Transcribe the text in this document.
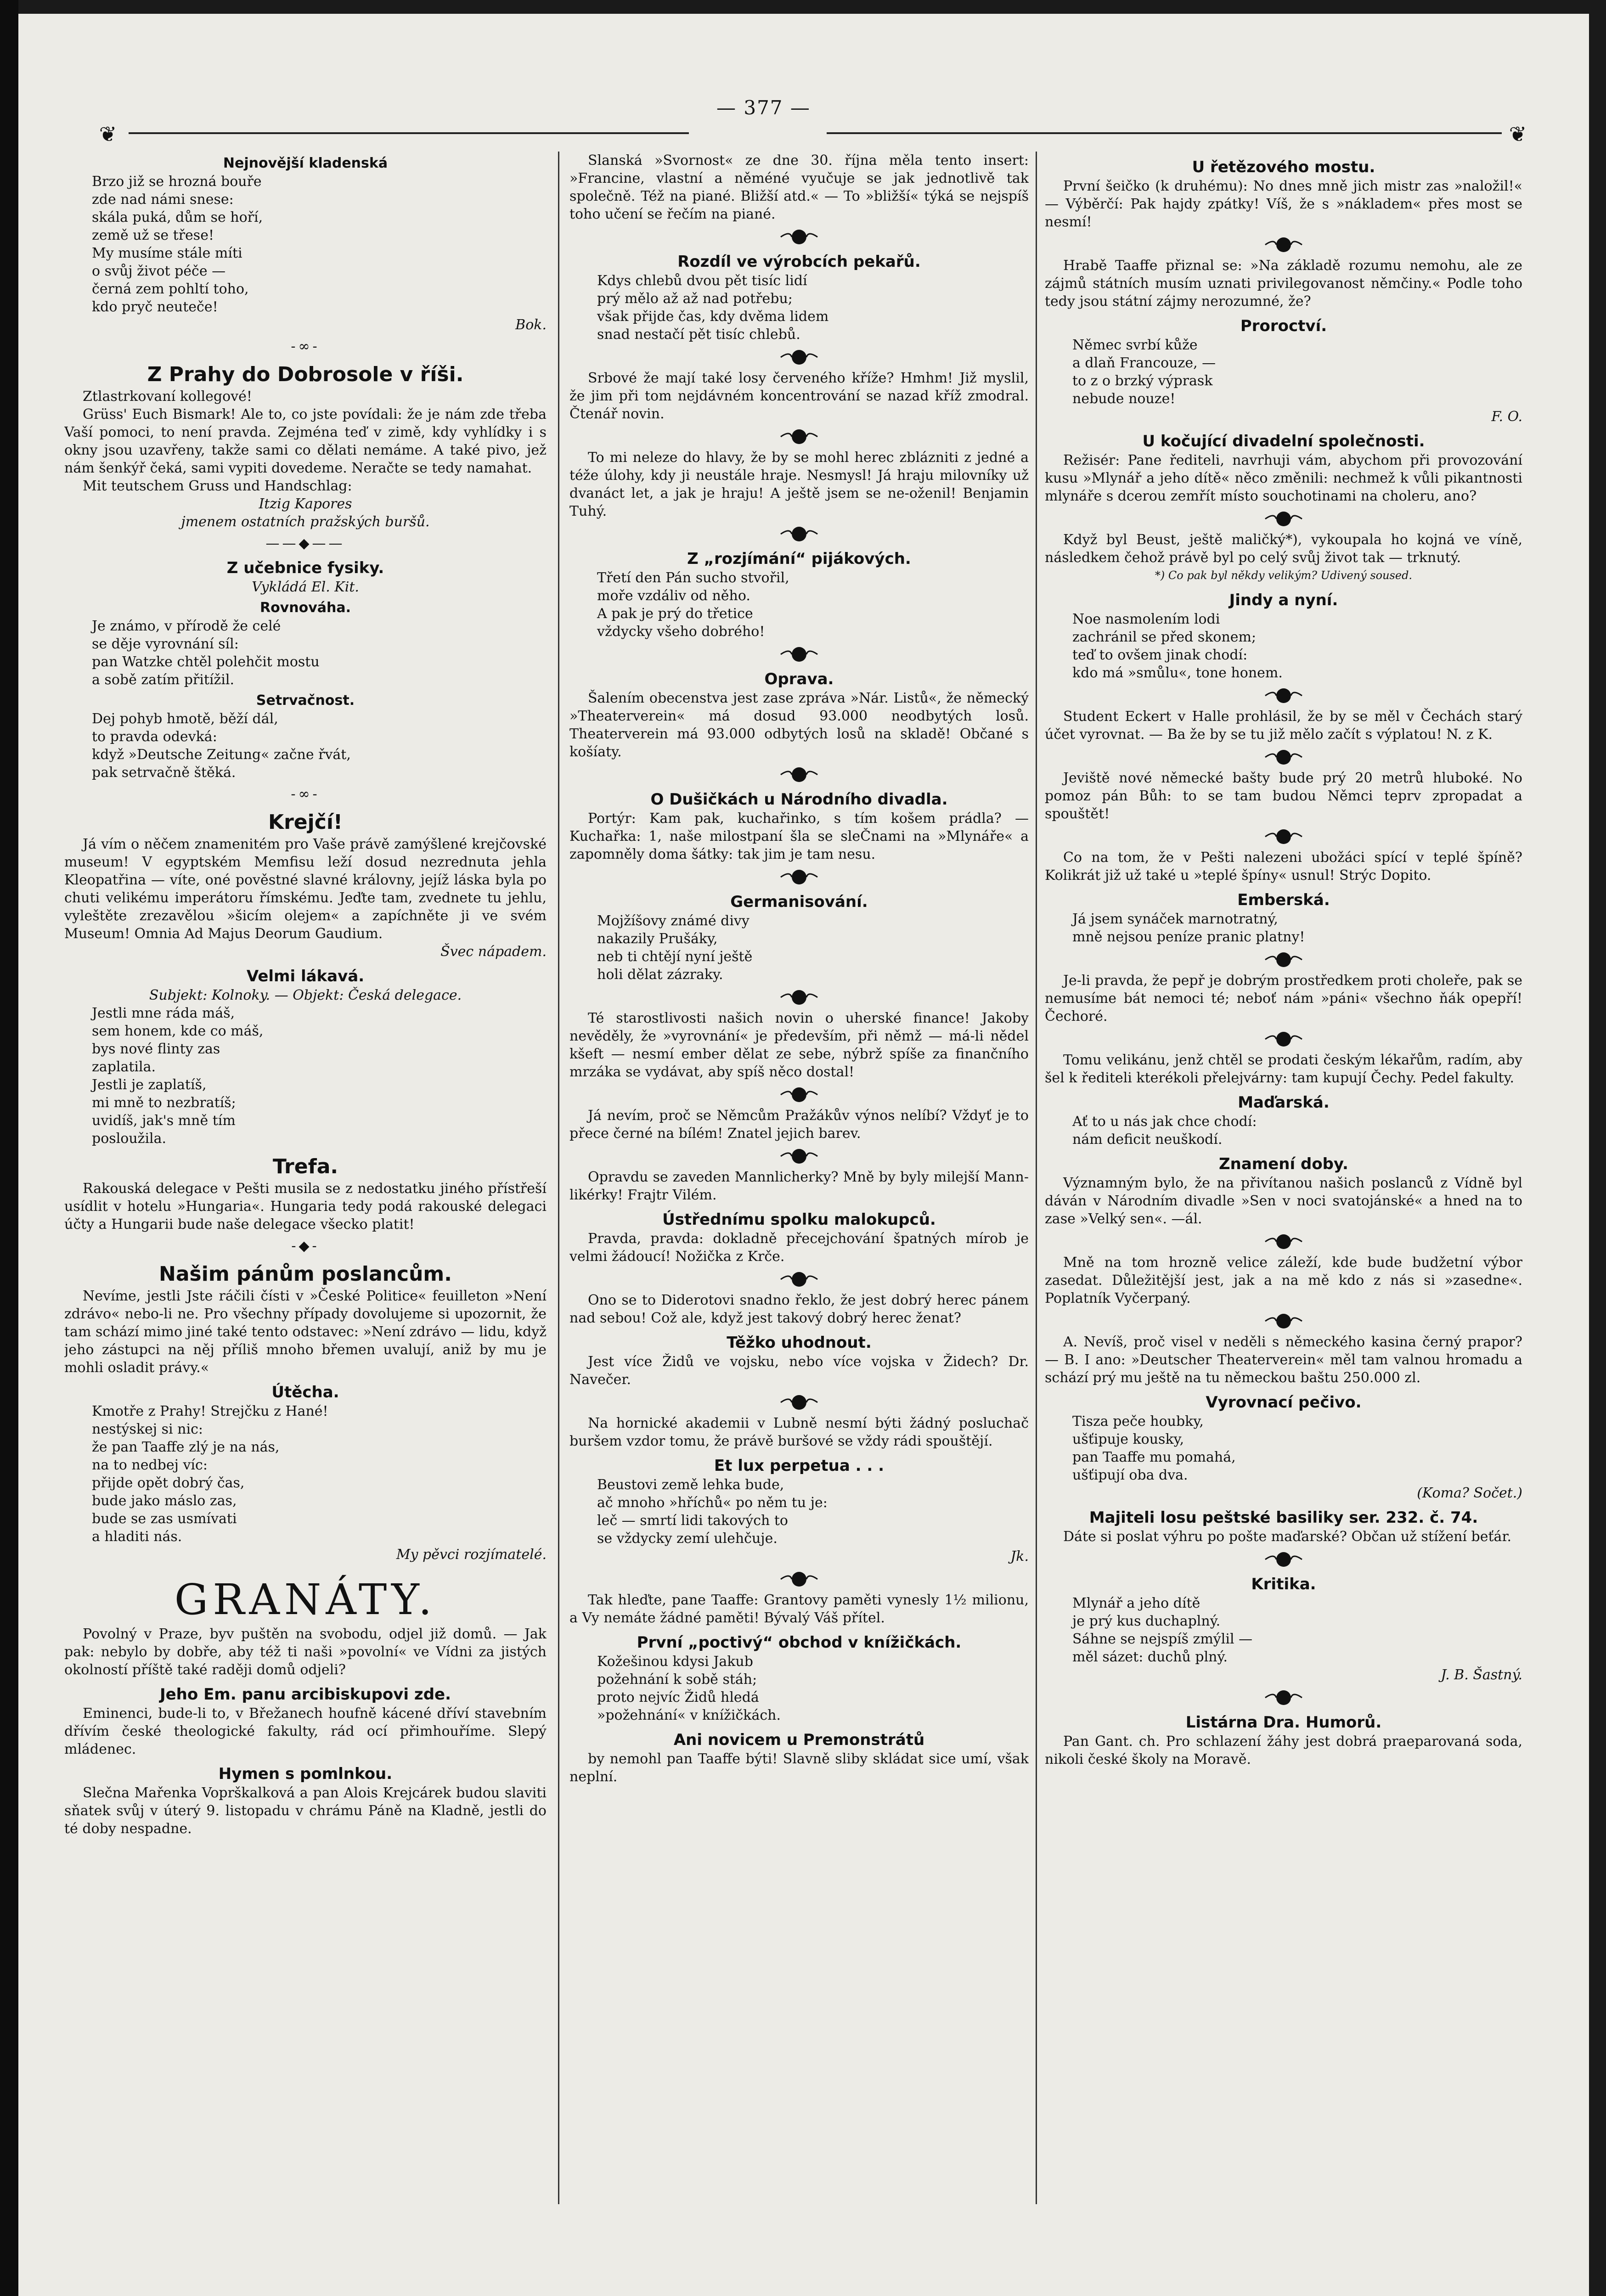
— 377 —
❦	❦
Nejnovější kladenská
Brzo již se hrozná bouře
zde nad námi snese:
skála puká, dům se hoří,
země už se třese!
My musíme stále míti
o svůj život péče —
černá zem pohltí toho,
kdo pryč neuteče!
Bok.
-∞-
Z Prahy do Dobrosole v říši.

Ztlastrkovaní kollegové!

Grüss' Euch Bismark! Ale to, co jste povídali: že je nám zde třeba Vaší pomoci, to není pravda. Zejména teď v zimě, kdy vyhlídky i s okny jsou uzavřeny, takže sami co dělati nemáme. A také pivo, jež nám šenkýř čeká, sami vypiti dovedeme. Neračte se tedy namahat.

Mit teutschem Gruss und Handschlag:

Itzig Kapores
jmenem ostatních pražských buršů.
——◆——
Z učebnice fysiky.
Vykládá El. Kit.
Rovnováha.
Je známo, v přírodě že celé
se děje vyrovnání síl:
pan Watzke chtěl polehčit mostu
a sobě zatím přitížil.
Setrvačnost.
Dej pohyb hmotě, běží dál,
to pravda odevká:
když »Deutsche Zeitung« začne řvát,
pak setrvačně štěká.
-∞-
Krejčí!

Já vím o něčem znamenitém pro Vaše právě zamýšlené krejčovské museum! V egyptském Memfisu leží dosud nezrednuta jehla Kleopatřina — víte, oné pověstné slavné královny, jejíž láska byla po chuti velikému imperátoru římskému. Jeďte tam, zvednete tu jehlu, vyleštěte zrezavělou »šicím olejem« a zapíchněte ji ve svém Museum! Omnia Ad Majus Deorum Gaudium.

Švec nápadem.
Velmi lákavá.
Subjekt: Kolnoky. — Objekt: Česká delegace.
Jestli mne ráda máš,
sem honem, kde co máš,
bys nové flinty zas
zaplatila.
Jestli je zaplatíš,
mi mně to nezbratíš;
uvidíš, jak's mně tím
posloužila.
Trefa.

Rakouská delegace v Pešti musila se z nedostatku jiného přístřeší usídlit v hotelu »Hungaria«. Hungaria tedy podá rakouské delegaci účty a Hungarii bude naše delegace všecko platit!

-◆-
Našim pánům poslancům.

Nevíme, jestli Jste ráčili čísti v »České Politice« feuilleton »Není zdrávo« nebo-li ne. Pro všechny případy dovolujeme si upozornit, že tam schází mimo jiné také tento odstavec: »Není zdrávo — lidu, když jeho zástupci na něj příliš mnoho břemen uvalují, aniž by mu je mohli osladit právy.«

Útěcha.
Kmotře z Prahy! Strejčku z Hané!
nestýskej si nic:
že pan Taaffe zlý je na nás,
na to nedbej víc:
přijde opět dobrý čas,
bude jako máslo zas,
bude se zas usmívati
a hladiti nás.
My pěvci rozjímatelé.
GRANÁTY.

Povolný v Praze, byv puštěn na svobodu, odjel již domů. — Jak pak: nebylo by dobře, aby též ti naši »povolní« ve Vídni za jistých okolností příště také raději domů odjeli?

Jeho Em. panu arcibiskupovi zde.

Eminenci, bude-li to, v Břežanech houfně kácené dříví stavebním dřívím české theologické fakulty, rád ocí přimhouříme. Slepý mládenec.

Hymen s pomlnkou.

Slečna Mařenka Voprškalková a pan Alois Krejcárek budou slaviti sňatek svůj v úterý 9. listopadu v chrámu Páně na Kladně, jestli do té doby nespadne.

Slanská »Svornost« ze dne 30. října měla tento insert: »Francine, vlastní a něméné vyučuje se jak jednotlivě tak společně. Též na piané. Bližší atd.« — To »bližší« týká se nejspíš toho učení se řečím na piané.

Rozdíl ve výrobcích pekařů.
Kdys chlebů dvou pět tisíc lidí
prý mělo až až nad potřebu;
však přijde čas, kdy dvěma lidem
snad nestačí pět tisíc chlebů.

Srbové že mají také losy červeného kříže? Hmhm! Již myslil, že jim při tom nejdávném koncentrování se nazad kříž zmodral. Čtenář novin.

To mi neleze do hlavy, že by se mohl herec zblázniti z jedné a téže úlohy, kdy ji neustále hraje. Nesmysl! Já hraju milovníky už dvanáct let, a jak je hraju! A ještě jsem se ne-oženil! Benjamin Tuhý.

Z „rozjímání“ pijákových.
Třetí den Pán sucho stvořil,
moře vzdáliv od něho.
A pak je prý do třetice
vždycky všeho dobrého!
Oprava.

Šalením obecenstva jest zase zpráva »Nár. Listů«, že německý »Theaterverein« má dosud 93.000 neodbytých losů. Theaterverein má 93.000 odbytých losů na skladě! Občané s košíaty.

O Dušičkách u Národního divadla.

Portýr: Kam pak, kuchařinko, s tím košem prádla? — Kuchařka: 1, naše milostpaní šla se sleČnami na »Mlynáře« a zapomněly doma šátky: tak jim je tam nesu.

Germanisování.
Mojžíšovy známé divy
nakazily Prušáky,
neb ti chtějí nyní ještě
holi dělat zázraky.

Té starostlivosti našich novin o uherské finance! Jakoby nevěděly, že »vyrovnání« je především, při němž — má-li nědel kšeft — nesmí ember dělat ze sebe, nýbrž spíše za finančního mrzáka se vydávat, aby spíš něco dostal!

Já nevím, proč se Němcům Pražákův výnos nelíbí? Vždyť je to přece černé na bílém! Znatel jejich barev.

Opravdu se zaveden Mannlicherky? Mně by byly milejší Mann-likérky! Frajtr Vilém.

Ústřednímu spolku malokupců.

Pravda, pravda: dokladně přecejchování špatných mírob je velmi žádoucí! Nožička z Krče.

Ono se to Diderotovi snadno řeklo, že jest dobrý herec pánem nad sebou! Což ale, když jest takový dobrý herec ženat?

Těžko uhodnout.

Jest více Židů ve vojsku, nebo více vojska v Židech? Dr. Navečer.

Na hornické akademii v Lubně nesmí býti žádný posluchač buršem vzdor tomu, že právě buršové se vždy rádi spouštějí.

Et lux perpetua . . .
Beustovi země lehka bude,
ač mnoho »hříchů« po něm tu je:
leč — smrtí lidi takových to
se vždycky zemí ulehčuje.
Jk.

Tak hleďte, pane Taaffe: Grantovy paměti vynesly 1½ milionu, a Vy nemáte žádné paměti! Bývalý Váš přítel.

První „poctivý“ obchod v knížičkách.
Kožešinou kdysi Jakub
požehnání k sobě stáh;
proto nejvíc Židů hledá
»požehnání« v knížičkách.
Ani novicem u Premonstrátů

by nemohl pan Taaffe býti! Slavně sliby skládat sice umí, však neplní.

U řetězového mostu.

První šeičko (k druhému): No dnes mně jich mistr zas »naložil!« — Výběrčí: Pak hajdy zpátky! Víš, že s »nákladem« přes most se nesmí!

Hrabě Taaffe přiznal se: »Na základě rozumu nemohu, ale ze zájmů státních musím uznati privilegovanost němčiny.« Podle toho tedy jsou státní zájmy nerozumné, že?

Proroctví.
Němec svrbí kůže
a dlaň Francouze, —
to z o brzký výprask
nebude nouze!
F. O.
U kočující divadelní společnosti.

Režisér: Pane řediteli, navrhuji vám, abychom při provozování kusu »Mlynář a jeho dítě« něco změnili: nechmež k vůli pikantnosti mlynáře s dcerou zemřít místo souchotinami na choleru, ano?

Když byl Beust, ještě maličký*), vykoupala ho kojná ve víně, následkem čehož právě byl po celý svůj život tak — trknutý.

*) Co pak byl někdy velikým? Udivený soused.
Jindy a nyní.
Noe nasmolením lodi
zachránil se před skonem;
teď to ovšem jinak chodí:
kdo má »smůlu«, tone honem.

Student Eckert v Halle prohlásil, že by se měl v Čechách starý účet vyrovnat. — Ba že by se tu již mělo začít s výplatou! N. z K.

Jeviště nové německé bašty bude prý 20 metrů hluboké. No pomoz pán Bůh: to se tam budou Němci teprv zpropadat a spouštět!

Co na tom, že v Pešti nalezeni ubožáci spící v teplé špíně? Kolikrát již už také u »teplé špíny« usnul! Strýc Dopito.

Emberská.
Já jsem synáček marnotratný,
mně nejsou peníze pranic platny!

Je-li pravda, že pepř je dobrým prostředkem proti choleře, pak se nemusíme bát nemoci té; neboť nám »páni« všechno ňák opepří! Čechoré.

Tomu velikánu, jenž chtěl se prodati českým lékařům, radím, aby šel k řediteli kterékoli přelejvárny: tam kupují Čechy. Pedel fakulty.

Maďarská.
Ať to u nás jak chce chodí:
nám deficit neuškodí.
Znamení doby.

Významným bylo, že na přivítanou našich poslanců z Vídně byl dáván v Národním divadle »Sen v noci svatojánské« a hned na to zase »Velký sen«. —ál.

Mně na tom hrozně velice záleží, kde bude budžetní výbor zasedat. Důležitější jest, jak a na mě kdo z nás si »zasedne«. Poplatník Vyčerpaný.

A. Nevíš, proč visel v neděli s německého kasina černý prapor? — B. I ano: »Deutscher Theaterverein« měl tam valnou hromadu a schází prý mu ještě na tu německou baštu 250.000 zl.

Vyrovnací pečivo.
Tisza peče houbky,
ušťipuje kousky,
pan Taaffe mu pomahá,
ušťipují oba dva.
(Koma? Sočet.)
Majiteli losu peštské basiliky ser. 232. č. 74.

Dáte si poslat výhru po pošte maďarské? Občan už stížení beťár.

Kritika.
Mlynář a jeho dítě
je prý kus duchaplný.
Sáhne se nejspíš zmýlil —
měl sázet: duchů plný.
J. B. Šastný.
Listárna Dra. Humorů.

Pan Gant. ch. Pro schlazení žáhy jest dobrá praeparovaná soda, nikoli české školy na Moravě.
